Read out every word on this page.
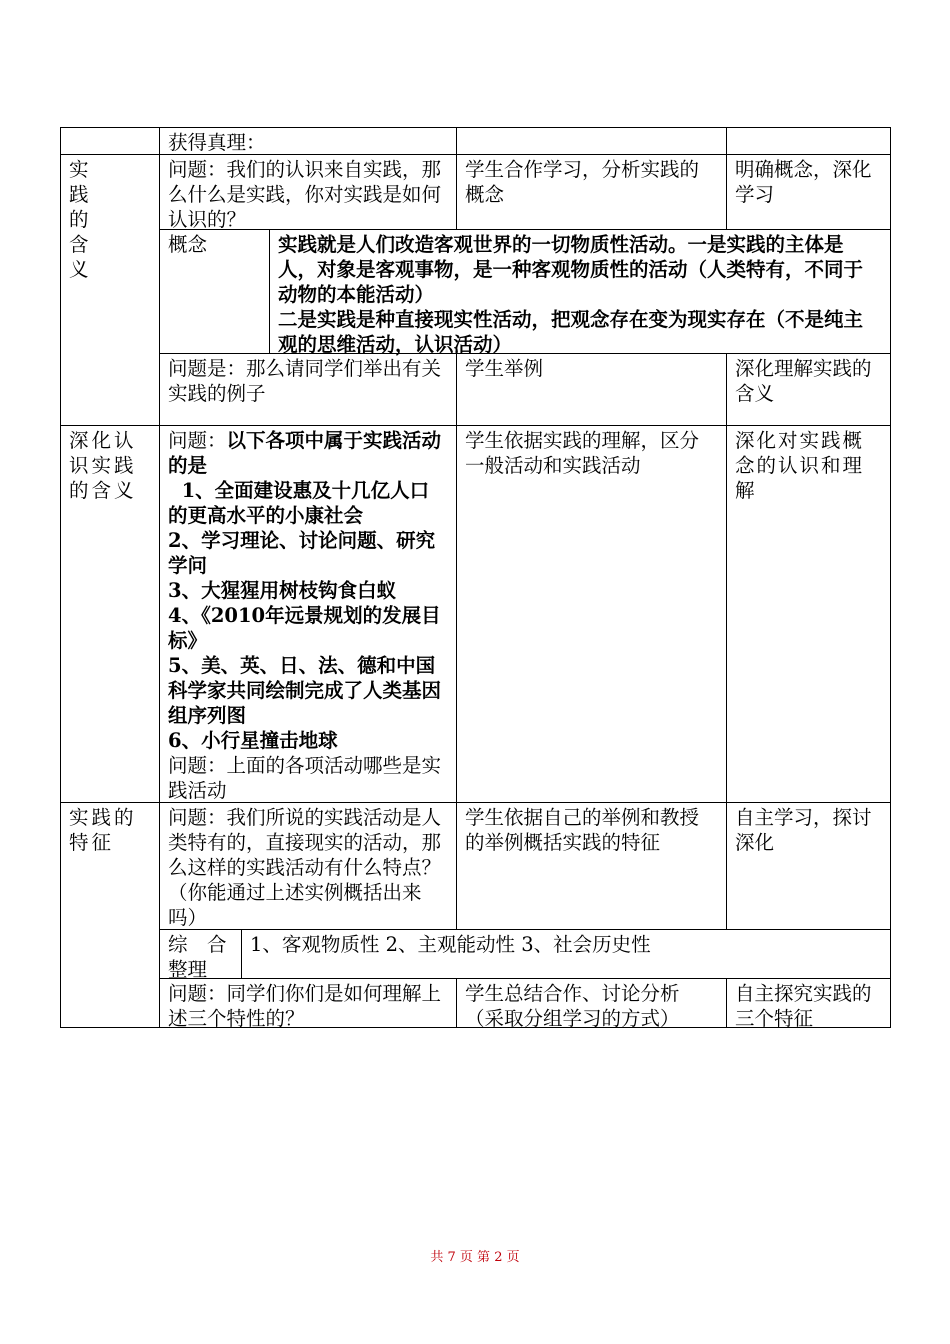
获得真理：
实
践
的
含
义
问题：我们的认识来自实践，那么什么是实践，你对实践是如何认识的？
学生合作学习，分析实践的概念
明确概念，深化学习
概念	实践就是人们改造客观世界的一切物质性活动。一是实践的主体是人，对象是客观事物，是一种客观物质性的活动（人类特有，不同于动物的本能活动）
二是实践是种直接现实性活动，把观念存在变为现实存在（不是纯主观的思维活动，认识活动）
问题是：那么请同学们举出有关实践的例子
学生举例	深化理解实践的含义
深化认识实践的含义
问题：以下各项中属于实践活动的是
1、全面建设惠及十几亿人口的更高水平的小康社会
2、学习理论、讨论问题、研究学问
3、大猩猩用树枝钩食白蚁
4、《2010年远景规划的发展目标》
5、美、英、日、法、德和中国科学家共同绘制完成了人类基因组序列图
6、小行星撞击地球
问题：上面的各项活动哪些是实践活动
学生依据实践的理解，区分一般活动和实践活动
深化对实践概念的认识和理解
实践的特征
问题：我们所说的实践活动是人类特有的，直接现实的活动，那么这样的实践活动有什么特点？（你能通过上述实例概括出来吗）
学生依据自己的举例和教授的举例概括实践的特征
自主学习，探讨深化
综　合整理
1、客观物质性 2、主观能动性 3、社会历史性
问题：同学们你们是如何理解上述三个特性的？
学生总结合作、讨论分析（采取分组学习的方式）
自主探究实践的三个特征
共 7 页 第 2 页
